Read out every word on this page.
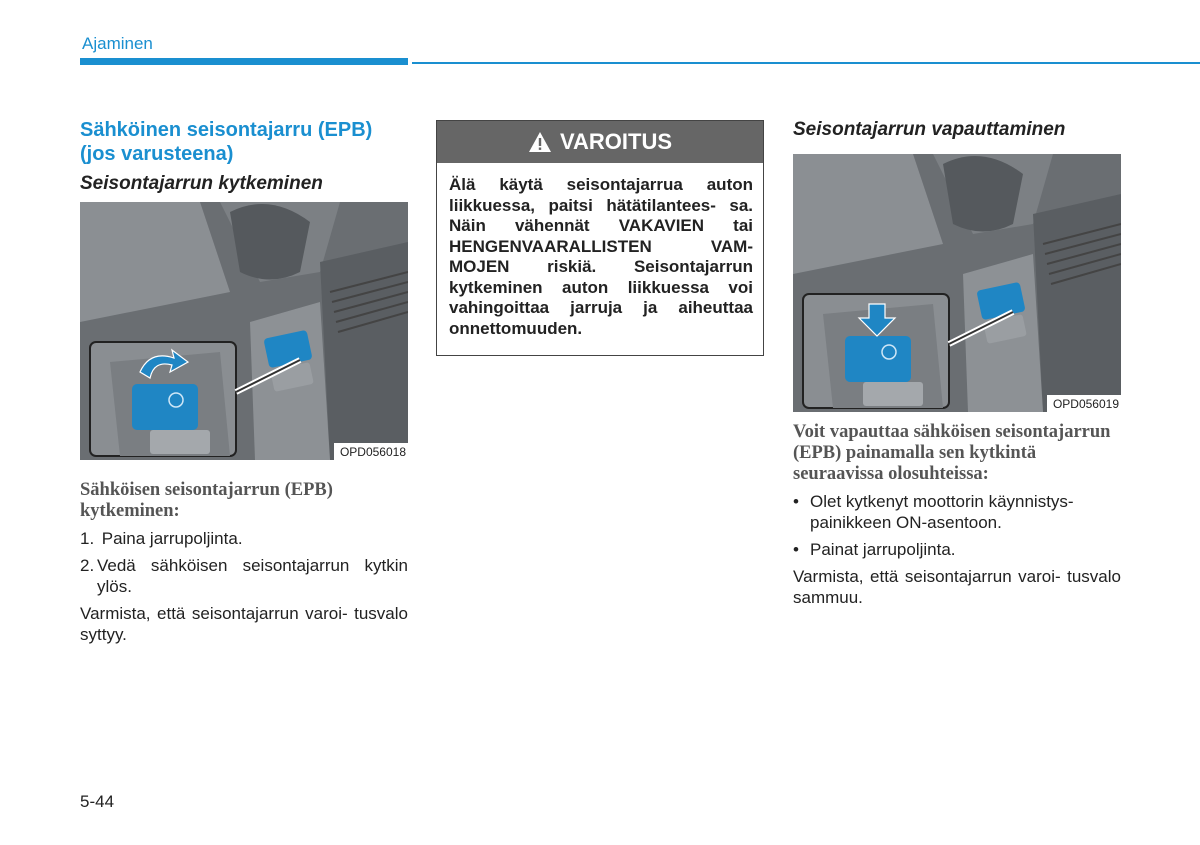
Ajaminen
Sähköinen seisontajarru (EPB) (jos varusteena)
Seisontajarrun kytkeminen
OPD056018
Sähköisen seisontajarrun (EPB) kytkeminen:
1. Paina jarrupoljinta.
2. Vedä sähköisen seisontajarrun kytkin ylös.

Varmista, että seisontajarrun varoi- tusvalo syttyy.

VAROITUS
Älä käytä seisontajarrua auton liikkuessa, paitsi hätätilantees- sa. Näin vähennät VAKAVIEN tai HENGENVAARALLISTEN VAM- MOJEN riskiä. Seisontajarrun kytkeminen auton liikkuessa voi vahingoittaa jarruja ja aiheuttaa onnettomuuden.
Seisontajarrun vapauttaminen
OPD056019
Voit vapauttaa sähköisen seisontajarrun (EPB) painamalla sen kytkintä seuraavissa olosuhteissa:
• Olet kytkenyt moottorin käynnistys- painikkeen ON-asentoon.
• Painat jarrupoljinta.

Varmista, että seisontajarrun varoi- tusvalo sammuu.

5-44
